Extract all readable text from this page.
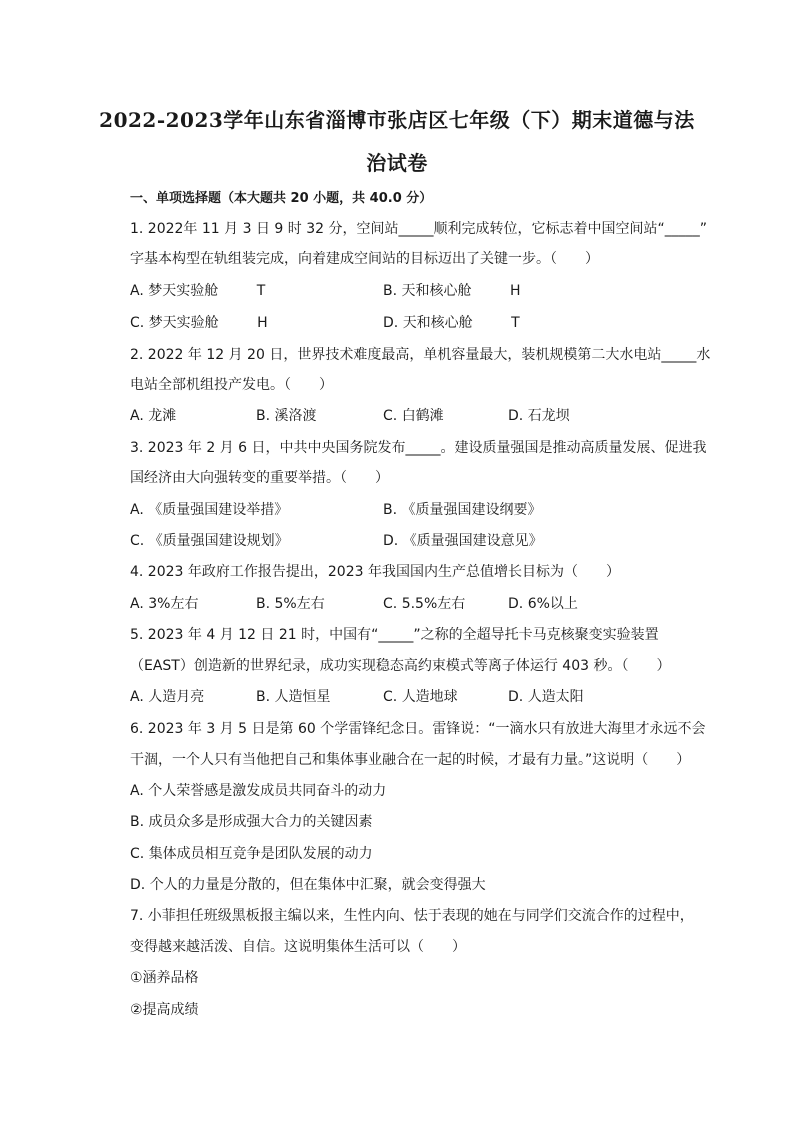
2022-2023学年山东省淄博市张店区七年级（下）期末道德与法
治试卷
一、单项选择题（本大题共 20 小题，共 40.0 分）
1. 2022年 11 月 3 日 9 时 32 分，空间站_____顺利完成转位，它标志着中国空间站“_____”
字基本构型在轨组装完成，向着建成空间站的目标迈出了关键一步。（　　）
A. 梦天实验舱	T	B. 天和核心舱	H
C. 梦天实验舱	H	D. 天和核心舱	T
2. 2022 年 12 月 20 日，世界技术难度最高，单机容量最大，装机规模第二大水电站_____水
电站全部机组投产发电。（　　）
A. 龙滩	B. 溪洛渡	C. 白鹤滩	D. 石龙坝
3. 2023 年 2 月 6 日，中共中央国务院发布_____。建设质量强国是推动高质量发展、促进我
国经济由大向强转变的重要举措。（　　）
A. 《质量强国建设举措》	B. 《质量强国建设纲要》
C. 《质量强国建设规划》	D. 《质量强国建设意见》
4. 2023 年政府工作报告提出，2023 年我国国内生产总值增长目标为（　　）
A. 3%左右	B. 5%左右	C. 5.5%左右	D. 6%以上
5. 2023 年 4 月 12 日 21 时，中国有“_____”之称的全超导托卡马克核聚变实验装置
（EAST）创造新的世界纪录，成功实现稳态高约束模式等离子体运行 403 秒。（　　）
A. 人造月亮	B. 人造恒星	C. 人造地球	D. 人造太阳
6. 2023 年 3 月 5 日是第 60 个学雷锋纪念日。雷锋说：“一滴水只有放进大海里才永远不会
干涸，一个人只有当他把自己和集体事业融合在一起的时候，才最有力量。”这说明（　　）
A. 个人荣誉感是激发成员共同奋斗的动力
B. 成员众多是形成强大合力的关键因素
C. 集体成员相互竞争是团队发展的动力
D. 个人的力量是分散的，但在集体中汇聚，就会变得强大
7. 小菲担任班级黑板报主编以来，生性内向、怯于表现的她在与同学们交流合作的过程中，
变得越来越活泼、自信。这说明集体生活可以（　　）
①涵养品格
②提高成绩
